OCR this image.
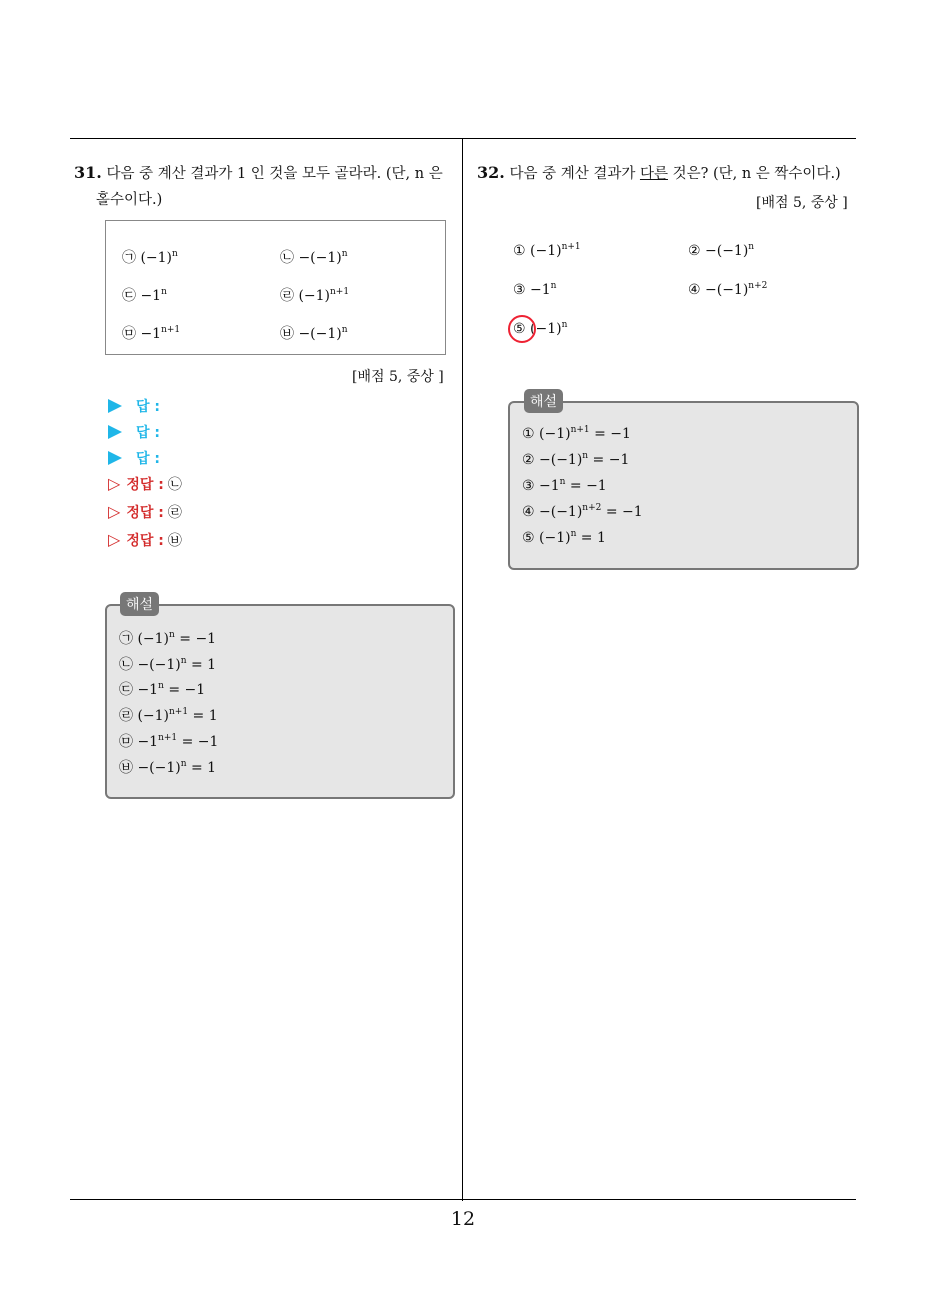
31. 다음 중 계산 결과가 1 인 것을 모두 골라라. (단, n 은
홀수이다.)
㉠ $(-1)^n$	㉡ $-(-1)^n$
㉢ $-1^n$	㉣ $(-1)^{n+1}$
㉤ $-1^{n+1}$	㉥ $-(-1)^n$
[배점 5, 중상 ]
답 :
답 :
답 :
▷ 정답 : ㉡
▷ 정답 : ㉣
▷ 정답 : ㉥
㉠ $(-1)^n = -1$
㉡ $-(-1)^n = 1$
㉢ $-1^n = -1$
㉣ $(-1)^{n+1} = 1$
㉤ $-1^{n+1} = -1$
㉥ $-(-1)^n = 1$
해설
32. 다음 중 계산 결과가 다른 것은? (단, n 은 짝수이다.)
[배점 5, 중상 ]
① $(-1)^{n+1}$	② $-(-1)^n$
③ $-1^n$	④ $-(-1)^{n+2}$
⑤ $(-1)^n$
① $(-1)^{n+1} = -1$
② $-(-1)^n = -1$
③ $-1^n = -1$
④ $-(-1)^{n+2} = -1$
⑤ $(-1)^n = 1$
해설
12
